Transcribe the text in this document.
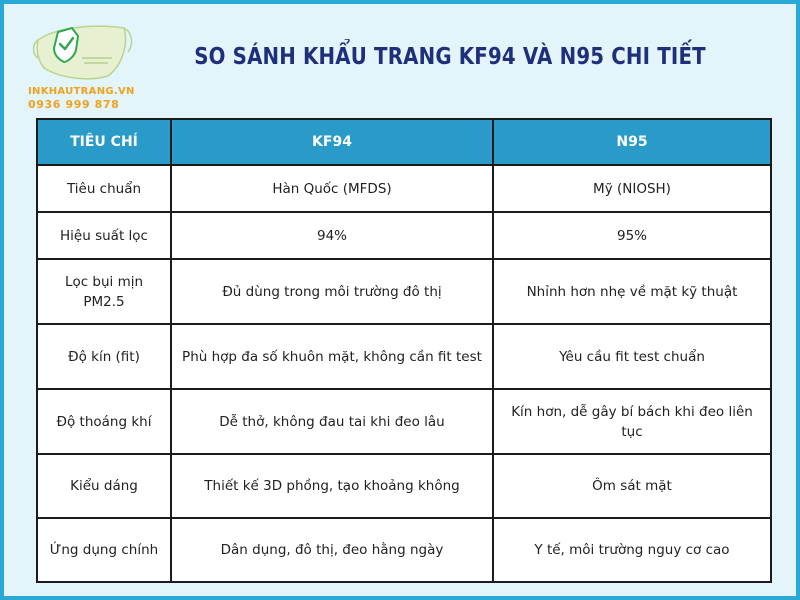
INKHAUTRANG.VN
0936 999 878
SO SÁNH KHẨU TRANG KF94 VÀ N95 CHI TIẾT
TIÊU CHÍ	KF94	N95
Tiêu chuẩn	Hàn Quốc (MFDS)	Mỹ (NIOSH)
Hiệu suất lọc	94%	95%
Lọc bụi mịn PM2.5	Đủ dùng trong môi trường đô thị	Nhỉnh hơn nhẹ về mặt kỹ thuật
Độ kín (fit)	Phù hợp đa số khuôn mặt, không cần fit test	Yêu cầu fit test chuẩn
Độ thoáng khí	Dễ thở, không đau tai khi đeo lâu	Kín hơn, dễ gây bí bách khi đeo liên tục
Kiểu dáng	Thiết kế 3D phồng, tạo khoảng không	Ôm sát mặt
Ứng dụng chính	Dân dụng, đô thị, đeo hằng ngày	Y tế, môi trường nguy cơ cao
